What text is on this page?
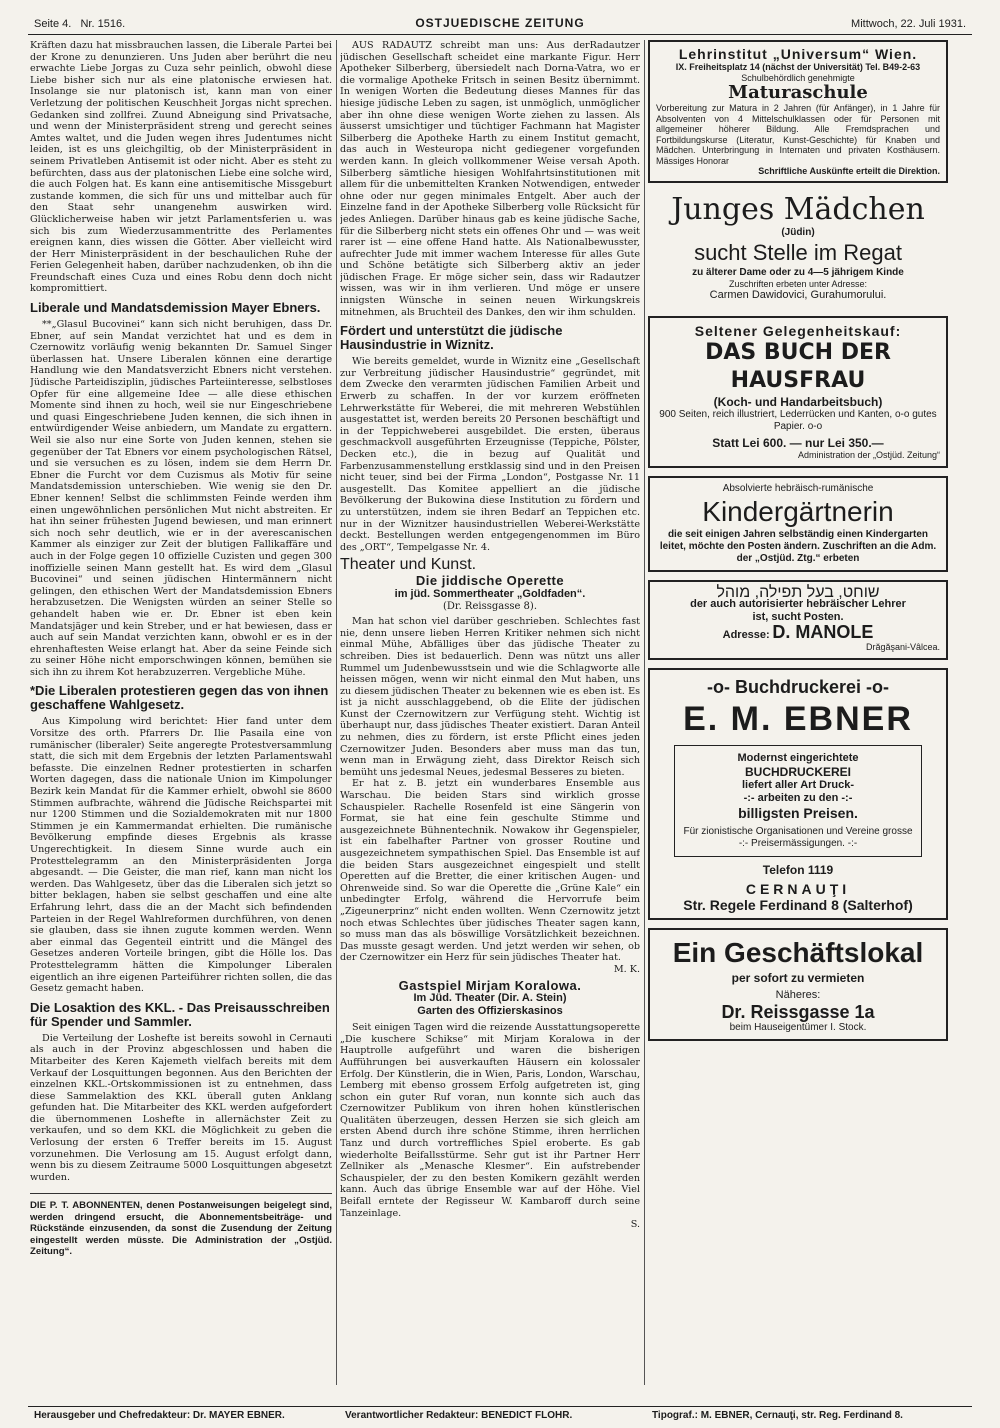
Seite 4. Nr. 1516.	OSTJUEDISCHE ZEITUNG	Mittwoch, 22. Juli 1931.

Kräften dazu hat missbrauchen lassen, die Liberale Partei bei der Krone zu denunzieren. Uns Juden aber berührt die neu erwachte Liebe Jorgas zu Cuza sehr peinlich, obwohl diese Liebe bisher sich nur als eine platonische erwiesen hat. Insolange sie nur platonisch ist, kann man von einer Verletzung der politischen Keuschheit Jorgas nicht sprechen. Gedanken sind zollfrei. Zuund Abneigung sind Privatsache, und wenn der Ministerpräsident streng und gerecht seines Amtes waltet, und die Juden wegen ihres Judentumes nicht leiden, ist es uns gleichgiltig, ob der Ministerpräsident in seinem Privatleben Antisemit ist oder nicht. Aber es steht zu befürchten, dass aus der platonischen Liebe eine solche wird, die auch Folgen hat. Es kann eine antisemitische Missgeburt zustande kommen, die sich für uns und mittelbar auch für den Staat sehr unangenehm auswirken wird. Glücklicherweise haben wir jetzt Parlamentsferien u. was sich bis zum Wiederzusammentritte des Perlamentes ereignen kann, dies wissen die Götter. Aber vielleicht wird der Herr Ministerpräsident in der beschaulichen Ruhe der Ferien Gelegenheit haben, darüber nachzudenken, ob ihn die Freundschaft eines Cuza und eines Robu denn doch nicht kompromittiert.

Liberale und Mandatsdemission Mayer Ebners.

**„Glasul Bucovinei“ kann sich nicht beruhigen, dass Dr. Ebner, auf sein Mandat verzichtet hat und es dem in Czernowitz vorläufig wenig bekannten Dr. Samuel Singer überlassen hat. Unsere Liberalen können eine derartige Handlung wie den Mandatsverzicht Ebners nicht verstehen. Jüdische Parteidisziplin, jüdisches Parteiinteresse, selbstloses Opfer für eine allgemeine Idee — alle diese ethischen Momente sind ihnen zu hoch, weil sie nur Eingeschriebene und quasi Eingeschriebene Juden kennen, die sich ihnen in entwürdigender Weise anbiedern, um Mandate zu ergattern. Weil sie also nur eine Sorte von Juden kennen, stehen sie gegenüber der Tat Ebners vor einem psychologischen Rätsel, und sie versuchen es zu lösen, indem sie dem Herrn Dr. Ebner die Furcht vor dem Cuzismus als Motiv für seine Mandatsdemission unterschieben. Wie wenig sie den Dr. Ebner kennen! Selbst die schlimmsten Feinde werden ihm einen ungewöhnlichen persönlichen Mut nicht abstreiten. Er hat ihn seiner frühesten Jugend bewiesen, und man erinnert sich noch sehr deutlich, wie er in der averescanischen Kammer als einziger zur Zeit der blutigen Fallikaffäre und auch in der Folge gegen 10 offizielle Cuzisten und gegen 300 inoffizielle seinen Mann gestellt hat. Es wird dem „Glasul Bucovinei“ und seinen jüdischen Hintermännern nicht gelingen, den ethischen Wert der Mandatsdemission Ebners herabzusetzen. Die Wenigsten würden an seiner Stelle so gehandelt haben wie er. Dr. Ebner ist eben kein Mandatsjäger und kein Streber, und er hat bewiesen, dass er auch auf sein Mandat verzichten kann, obwohl er es in der ehrenhaftesten Weise erlangt hat. Aber da seine Feinde sich zu seiner Höhe nicht emporschwingen können, bemühen sie sich ihn zu ihrem Kot herabzuzerren. Vergebliche Mühe.

*Die Liberalen protestieren gegen das von ihnen geschaffene Wahlgesetz.

Aus Kimpolung wird berichtet: Hier fand unter dem Vorsitze des orth. Pfarrers Dr. Ilie Pasaila eine von rumänischer (liberaler) Seite angeregte Protestversammlung statt, die sich mit dem Ergebnis der letzten Parlamentswahl befasste. Die einzelnen Redner protestierten in scharfen Worten dagegen, dass die nationale Union im Kimpolunger Bezirk kein Mandat für die Kammer erhielt, obwohl sie 8600 Stimmen aufbrachte, während die Jüdische Reichspartei mit nur 1200 Stimmen und die Sozialdemokraten mit nur 1800 Stimmen je ein Kammermandat erhielten. Die rumänische Bevölkerung empfinde dieses Ergebnis als krasse Ungerechtigkeit. In diesem Sinne wurde auch ein Protesttelegramm an den Ministerpräsidenten Jorga abgesandt. — Die Geister, die man rief, kann man nicht los werden. Das Wahlgesetz, über das die Liberalen sich jetzt so bitter beklagen, haben sie selbst geschaffen und eine alte Erfahrung lehrt, dass die an der Macht sich befindenden Parteien in der Regel Wahlreformen durchführen, von denen sie glauben, dass sie ihnen zugute kommen werden. Wenn aber einmal das Gegenteil eintritt und die Mängel des Gesetzes anderen Vorteile bringen, gibt die Hölle los. Das Protesttelegramm hätten die Kimpolunger Liberalen eigentlich an ihre eigenen Parteiführer richten sollen, die das Gesetz gemacht haben.

Die Losaktion des KKL. - Das Preisausschreiben für Spender und Sammler.

Die Verteilung der Loshefte ist bereits sowohl in Cernauti als auch in der Provinz abgeschlossen und haben die Mitarbeiter des Keren Kajemeth vielfach bereits mit dem Verkauf der Losquittungen begonnen. Aus den Berichten der einzelnen KKL.-Ortskommissionen ist zu entnehmen, dass diese Sammelaktion des KKL überall guten Anklang gefunden hat. Die Mitarbeiter des KKL werden aufgefordert die übernommenen Loshefte in allernächster Zeit zu verkaufen, und so dem KKL die Möglichkeit zu geben die Verlosung der ersten 6 Treffer bereits im 15. August vorzunehmen. Die Verlosung am 15. August erfolgt dann, wenn bis zu diesem Zeitraume 5000 Losquittungen abgesetzt wurden.

DIE P. T. ABONNENTEN, denen Postanweisungen beigelegt sind, werden dringend ersucht, die Abonnementsbeiträge- und Rückstände einzusenden, da sonst die Zusendung der Zeitung eingestellt werden müsste. Die Administration der „Ostjüd. Zeitung“.

AUS RADAUTZ schreibt man uns: Aus derRadautzer jüdischen Gesellschaft scheidet eine markante Figur. Herr Apotheker Silberberg, übersiedelt nach Dorna-Vatra, wo er die vormalige Apotheke Fritsch in seinen Besitz übernimmt. In wenigen Worten die Bedeutung dieses Mannes für das hiesige jüdische Leben zu sagen, ist unmöglich, unmöglicher aber ihn ohne diese wenigen Worte ziehen zu lassen. Als äusserst umsichtiger und tüchtiger Fachmann hat Magister Silberberg die Apotheke Harth zu einem Institut gemacht, das auch in Westeuropa nicht gediegener vorgefunden werden kann. In gleich vollkommener Weise versah Apoth. Silberberg sämtliche hiesigen Wohlfahrtsinstitutionen mit allem für die unbemittelten Kranken Notwendigen, entweder ohne oder nur gegen minimales Entgelt. Aber auch der Einzelne fand in der Apotheke Silberberg volle Rücksicht für jedes Anliegen. Darüber hinaus gab es keine jüdische Sache, für die Silberberg nicht stets ein offenes Ohr und — was weit rarer ist — eine offene Hand hatte. Als Nationalbewusster, aufrechter Jude mit immer wachem Interesse für alles Gute und Schöne betätigte sich Silberberg aktiv an jeder jüdischen Frage. Er möge sicher sein, dass wir Radautzer wissen, was wir in ihm verlieren. Und möge er unsere innigsten Wünsche in seinen neuen Wirkungskreis mitnehmen, als Bruchteil des Dankes, den wir ihm schulden.

Fördert und unterstützt die jüdische Hausindustrie in Wiznitz.

Wie bereits gemeldet, wurde in Wiznitz eine „Gesellschaft zur Verbreitung jüdischer Hausindustrie“ gegründet, mit dem Zwecke den verarmten jüdischen Familien Arbeit und Erwerb zu schaffen. In der vor kurzem eröffneten Lehrwerkstätte für Weberei, die mit mehreren Webstühlen ausgestattet ist, werden bereits 20 Personen beschäftigt und in der Teppichweberei ausgebildet. Die ersten, überaus geschmackvoll ausgeführten Erzeugnisse (Teppiche, Pölster, Decken etc.), die in bezug auf Qualität und Farbenzusammenstellung erstklassig sind und in den Preisen nicht teuer, sind bei der Firma „London“, Postgasse Nr. 11 ausgestellt. Das Komitee appelliert an die jüdische Bevölkerung der Bukowina diese Institution zu fördern und zu unterstützen, indem sie ihren Bedarf an Teppichen etc. nur in der Wiznitzer hausindustriellen Weberei-Werkstätte deckt. Bestellungen werden entgegengenommen im Büro des „ORT“, Tempelgasse Nr. 4.

Theater und Kunst.
Die jiddische Operette
im jüd. Sommertheater „Goldfaden“.
(Dr. Reissgasse 8).

Man hat schon viel darüber geschrieben. Schlechtes fast nie, denn unsere lieben Herren Kritiker nehmen sich nicht einmal Mühe, Abfälliges über das jüdische Theater zu schreiben. Dies ist bedauerlich. Denn was nützt uns aller Rummel um Judenbewusstsein und wie die Schlagworte alle heissen mögen, wenn wir nicht einmal den Mut haben, uns zu diesem jüdischen Theater zu bekennen wie es eben ist. Es ist ja nicht ausschlaggebend, ob die Elite der jüdischen Kunst der Czernowitzern zur Verfügung steht. Wichtig ist überhaupt nur, dass jüdisches Theater existiert. Daran Anteil zu nehmen, dies zu fördern, ist erste Pflicht eines jeden Czernowitzer Juden. Besonders aber muss man das tun, wenn man in Erwägung zieht, dass Direktor Reisch sich bemüht uns jedesmal Neues, jedesmal Besseres zu bieten.

Er hat z. B. jetzt ein wunderbares Ensemble aus Warschau. Die beiden Stars sind wirklich grosse Schauspieler. Rachelle Rosenfeld ist eine Sängerin von Format, sie hat eine fein geschulte Stimme und ausgezeichnete Bühnentechnik. Nowakow ihr Gegenspieler, ist ein fabelhafter Partner von grosser Routine und ausgezeichnetem sympathischen Spiel. Das Ensemble ist auf die beiden Stars ausgezeichnet eingespielt und stellt Operetten auf die Bretter, die einer kritischen Augen- und Ohrenweide sind. So war die Operette die „Grüne Kale“ ein unbedingter Erfolg, während die Hervorrufe beim „Zigeunerprinz“ nicht enden wollten. Wenn Czernowitz jetzt noch etwas Schlechtes über jüdisches Theater sagen kann, so muss man das als böswillige Vorsätzlichkeit bezeichnen. Das musste gesagt werden. Und jetzt werden wir sehen, ob der Czernowitzer ein Herz für sein jüdisches Theater hat.

M. K.
Gastspiel Mirjam Koralowa.
Im Jüd. Theater (Dir. A. Stein)
Garten des Offizierskasinos

Seit einigen Tagen wird die reizende Ausstattungsoperette „Die kuschere Schikse“ mit Mirjam Koralowa in der Hauptrolle aufgeführt und waren die bisherigen Aufführungen bei ausverkauften Häusern ein kolossaler Erfolg. Der Künstlerin, die in Wien, Paris, London, Warschau, Lemberg mit ebenso grossem Erfolg aufgetreten ist, ging schon ein guter Ruf voran, nun konnte sich auch das Czernowitzer Publikum von ihren hohen künstlerischen Qualitäten überzeugen, dessen Herzen sie sich gleich am ersten Abend durch ihre schöne Stimme, ihren herrlichen Tanz und durch vortreffliches Spiel eroberte. Es gab wiederholte Beifallsstürme. Sehr gut ist ihr Partner Herr Zellniker als „Menasche Klesmer“. Ein aufstrebender Schauspieler, der zu den besten Komikern gezählt werden kann. Auch das übrige Ensemble war auf der Höhe. Viel Beifall erntete der Regisseur W. Kambaroff durch seine Tanzeinlage.

S.
Lehrinstitut „Universum“ Wien.
IX. Freiheitsplatz 14 (nächst der Universität) Tel. B49-2-63
Schulbehördlich genehmigte
Maturaschule
Vorbereitung zur Matura in 2 Jahren (für Anfänger), in 1 Jahre für Absolventen von 4 Mittelschulklassen oder für Personen mit allgemeiner höherer Bildung. Alle Fremdsprachen und Fortbildungskurse (Literatur, Kunst-Geschichte) für Knaben und Mädchen. Unterbringung in Internaten und privaten Kosthäusern. Mässiges Honorar
Schriftliche Auskünfte erteilt die Direktion.
Junges Mädchen
(Jüdin)
sucht Stelle im Regat
zu älterer Dame oder zu 4—5 jährigem Kinde
Zuschriften erbeten unter Adresse:
Carmen Dawidovici, Gurahumorului.
Seltener Gelegenheitskauf:
DAS BUCH DER HAUSFRAU
(Koch- und Handarbeitsbuch)
900 Seiten, reich illustriert, Lederrücken und Kanten, o-o gutes Papier. o-o
Statt Lei 600. — nur Lei 350.—
Administration der „Ostjüd. Zeitung“
Absolvierte hebräisch-rumänische
Kindergärtnerin
die seit einigen Jahren selbständig einen Kindergarten leitet, möchte den Posten ändern. Zuschriften an die Adm. der „Ostjüd. Ztg.“ erbeten
שוחט, בעל תפילה, מוהל
der auch autorisierter hebräischer Lehrer
ist, sucht Posten.
Adresse: D. MANOLE
Drăgăşani-Vâlcea.
-o- Buchdruckerei -o-
E. M. EBNER
Modernst eingerichtete
BUCHDRUCKEREI
liefert aller Art Druck-
-:- arbeiten zu den -:-
billigsten Preisen.
Für zionistische Organisationen und Vereine grosse
-:- Preisermässigungen. -:-
Telefon 1119
CERNAUŢI
Str. Regele Ferdinand 8 (Salterhof)
Ein Geschäftslokal
per sofort zu vermieten
Näheres:
Dr. Reissgasse 1a
beim Hauseigentümer I. Stock.
Herausgeber und Chefredakteur: Dr. MAYER EBNER.	Verantwortlicher Redakteur: BENEDICT FLOHR.	Tipograf.: M. EBNER, Cernauţi, str. Reg. Ferdinand 8.
